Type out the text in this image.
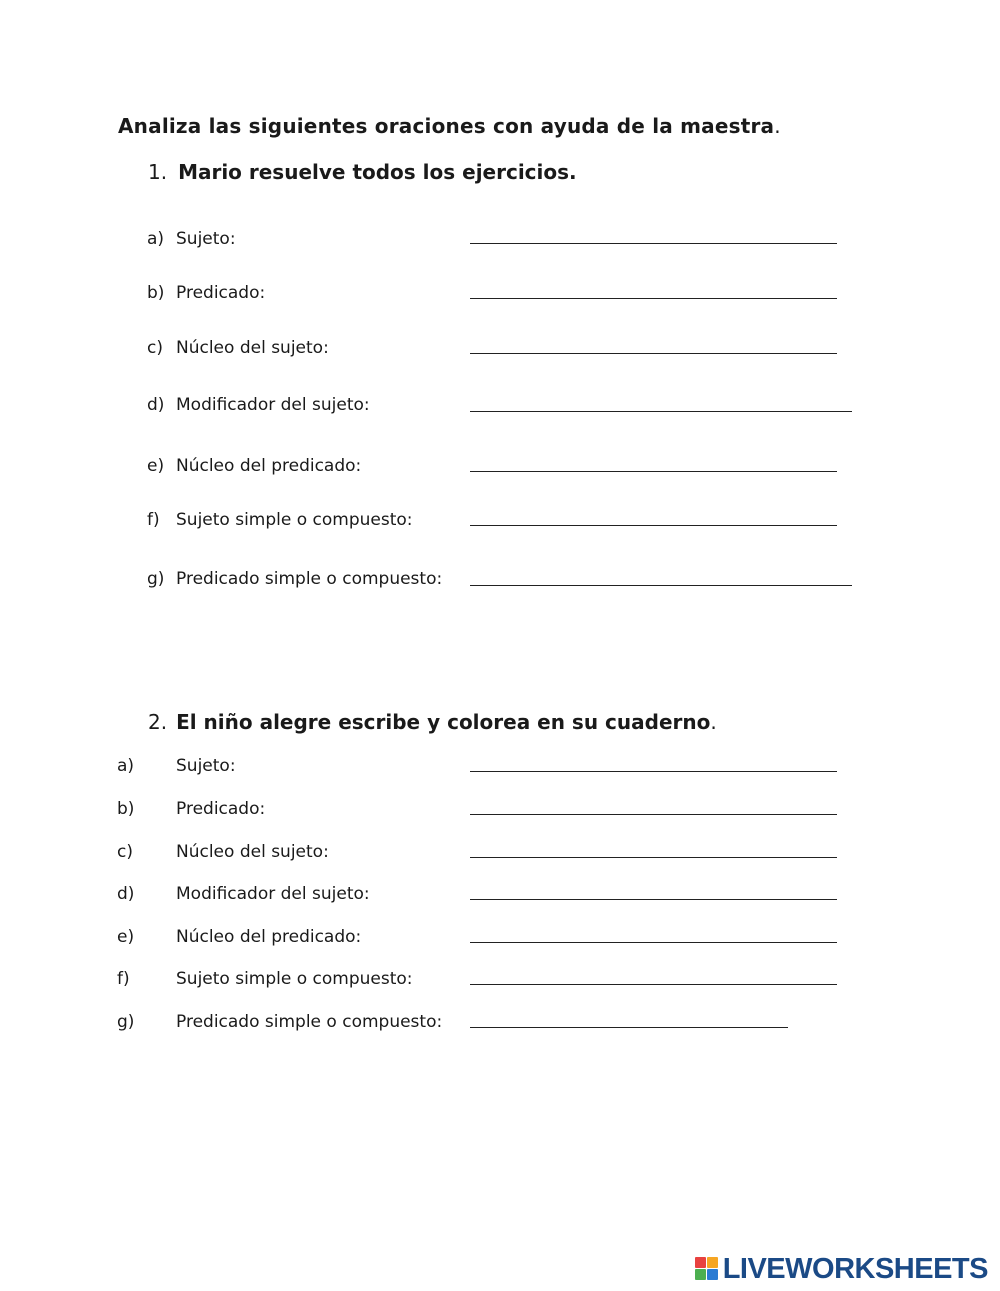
Analiza las siguientes oraciones con ayuda de la maestra.
1. Mario resuelve todos los ejercicios.
a) Sujeto:
b) Predicado:
c) Núcleo del sujeto:
d) Modificador del sujeto:
e) Núcleo del predicado:
f) Sujeto simple o compuesto:
g) Predicado simple o compuesto:
2. El niño alegre escribe y colorea en su cuaderno.
a) Sujeto:
b) Predicado:
c)	Núcleo del sujeto:
d) Modificador del sujeto:
e) Núcleo del predicado:
f)	Sujeto simple o compuesto:
g) Predicado simple o compuesto:
LIVEWORKSHEETS
